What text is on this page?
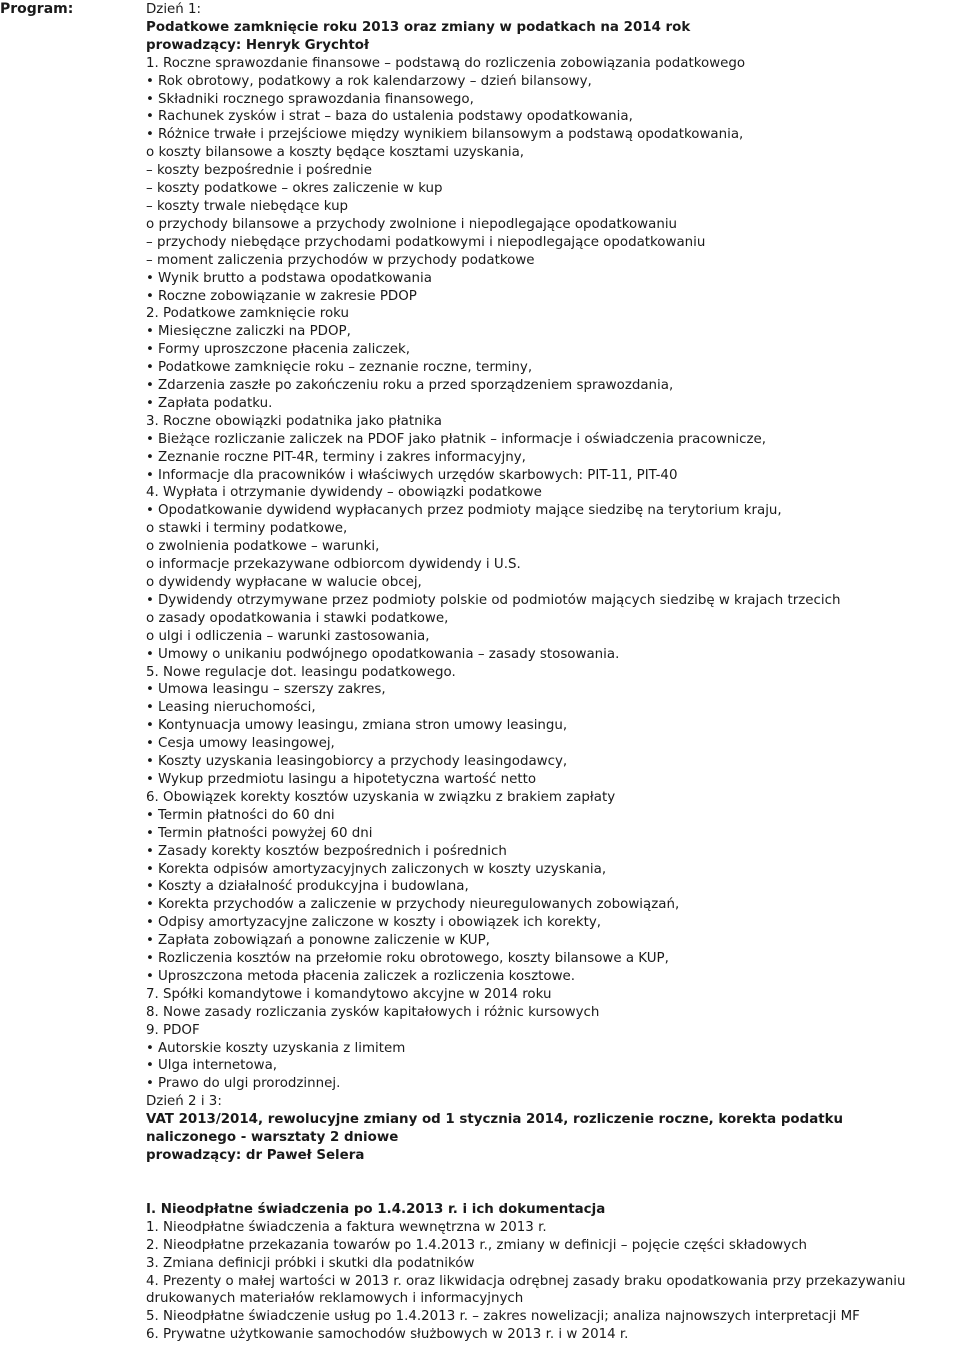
Program:	Dzień 1:
Podatkowe zamknięcie roku 2013 oraz zmiany w podatkach na 2014 rok
prowadzący: Henryk Grychtoł
1. Roczne sprawozdanie finansowe – podstawą do rozliczenia zobowiązania podatkowego
• Rok obrotowy, podatkowy a rok kalendarzowy – dzień bilansowy,
• Składniki rocznego sprawozdania finansowego,
• Rachunek zysków i strat – baza do ustalenia podstawy opodatkowania,
• Różnice trwałe i przejściowe między wynikiem bilansowym a podstawą opodatkowania,
o koszty bilansowe a koszty będące kosztami uzyskania,
– koszty bezpośrednie i pośrednie
– koszty podatkowe – okres zaliczenie w kup
– koszty trwale niebędące kup
o przychody bilansowe a przychody zwolnione i niepodlegające opodatkowaniu
– przychody niebędące przychodami podatkowymi i niepodlegające opodatkowaniu
– moment zaliczenia przychodów w przychody podatkowe
• Wynik brutto a podstawa opodatkowania
• Roczne zobowiązanie w zakresie PDOP
2. Podatkowe zamknięcie roku
• Miesięczne zaliczki na PDOP,
• Formy uproszczone płacenia zaliczek,
• Podatkowe zamknięcie roku – zeznanie roczne, terminy,
• Zdarzenia zaszłe po zakończeniu roku a przed sporządzeniem sprawozdania,
• Zapłata podatku.
3. Roczne obowiązki podatnika jako płatnika
• Bieżące rozliczanie zaliczek na PDOF jako płatnik – informacje i oświadczenia pracownicze,
• Zeznanie roczne PIT-4R, terminy i zakres informacyjny,
• Informacje dla pracowników i właściwych urzędów skarbowych: PIT-11, PIT-40
4. Wypłata i otrzymanie dywidendy – obowiązki podatkowe
• Opodatkowanie dywidend wypłacanych przez podmioty mające siedzibę na terytorium kraju,
o stawki i terminy podatkowe,
o zwolnienia podatkowe – warunki,
o informacje przekazywane odbiorcom dywidendy i U.S.
o dywidendy wypłacane w walucie obcej,
• Dywidendy otrzymywane przez podmioty polskie od podmiotów mających siedzibę w krajach trzecich
o zasady opodatkowania i stawki podatkowe,
o ulgi i odliczenia – warunki zastosowania,
• Umowy o unikaniu podwójnego opodatkowania – zasady stosowania.
5. Nowe regulacje dot. leasingu podatkowego.
• Umowa leasingu – szerszy zakres,
• Leasing nieruchomości,
• Kontynuacja umowy leasingu, zmiana stron umowy leasingu,
• Cesja umowy leasingowej,
• Koszty uzyskania leasingobiorcy a przychody leasingodawcy,
• Wykup przedmiotu lasingu a hipotetyczna wartość netto
6. Obowiązek korekty kosztów uzyskania w związku z brakiem zapłaty
• Termin płatności do 60 dni
• Termin płatności powyżej 60 dni
• Zasady korekty kosztów bezpośrednich i pośrednich
• Korekta odpisów amortyzacyjnych zaliczonych w koszty uzyskania,
• Koszty a działalność produkcyjna i budowlana,
• Korekta przychodów a zaliczenie w przychody nieuregulowanych zobowiązań,
• Odpisy amortyzacyjne zaliczone w koszty i obowiązek ich korekty,
• Zapłata zobowiązań a ponowne zaliczenie w KUP,
• Rozliczenia kosztów na przełomie roku obrotowego, koszty bilansowe a KUP,
• Uproszczona metoda płacenia zaliczek a rozliczenia kosztowe.
7. Spółki komandytowe i komandytowo akcyjne w 2014 roku
8. Nowe zasady rozliczania zysków kapitałowych i różnic kursowych
9. PDOF
• Autorskie koszty uzyskania z limitem
• Ulga internetowa,
• Prawo do ulgi prorodzinnej.
Dzień 2 i 3:
VAT 2013/2014, rewolucyjne zmiany od 1 stycznia 2014, rozliczenie roczne, korekta podatku
naliczonego - warsztaty 2 dniowe
prowadzący: dr Paweł Selera
I. Nieodpłatne świadczenia po 1.4.2013 r. i ich dokumentacja
1. Nieodpłatne świadczenia a faktura wewnętrzna w 2013 r.
2. Nieodpłatne przekazania towarów po 1.4.2013 r., zmiany w definicji – pojęcie części składowych
3. Zmiana definicji próbki i skutki dla podatników
4. Prezenty o małej wartości w 2013 r. oraz likwidacja odrębnej zasady braku opodatkowania przy przekazywaniu
drukowanych materiałów reklamowych i informacyjnych
5. Nieodpłatne świadczenie usług po 1.4.2013 r. – zakres nowelizacji; analiza najnowszych interpretacji MF
6. Prywatne użytkowanie samochodów służbowych w 2013 r. i w 2014 r.
